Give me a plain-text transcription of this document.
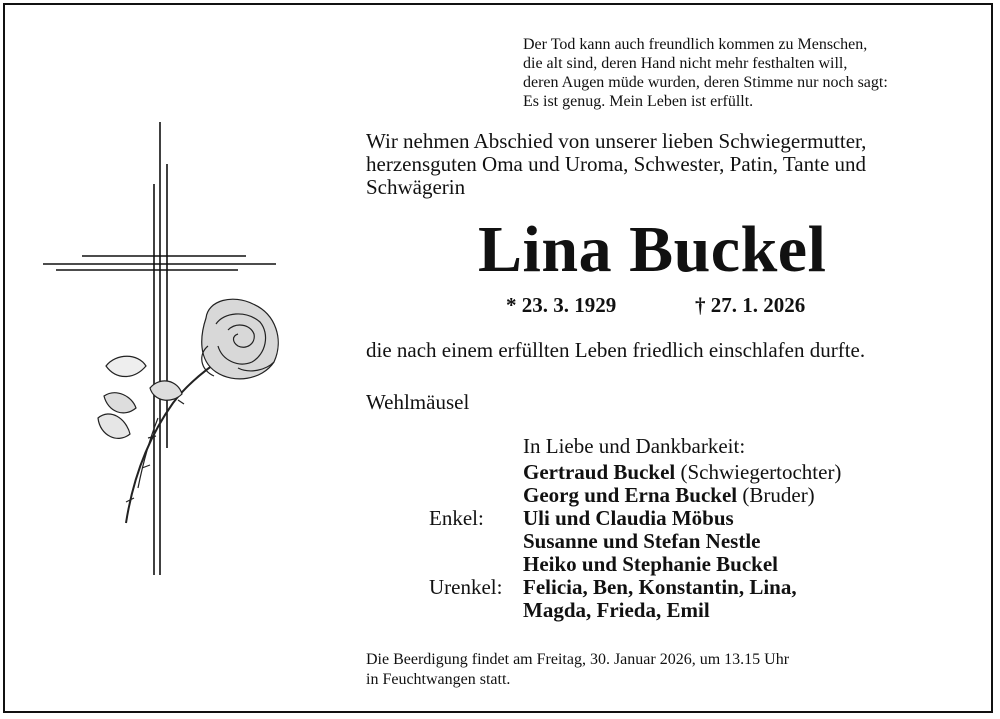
Der Tod kann auch freundlich kommen zu Menschen,
die alt sind, deren Hand nicht mehr festhalten will,
deren Augen müde wurden, deren Stimme nur noch sagt:
Es ist genug. Mein Leben ist erfüllt.
Wir nehmen Abschied von unserer lieben Schwiegermutter,
herzensguten Oma und Uroma, Schwester, Patin, Tante und
Schwägerin
Lina Buckel
* 23. 3. 1929	† 27. 1. 2026
die nach einem erfüllten Leben friedlich einschlafen durfte.
Wehlmäusel
In Liebe und Dankbarkeit:
Gertraud Buckel (Schwiegertochter)
Georg und Erna Buckel (Bruder)
Enkel: Uli und Claudia Möbus
Susanne und Stefan Nestle
Heiko und Stephanie Buckel
Urenkel: Felicia, Ben, Konstantin, Lina,
Magda, Frieda, Emil
Die Beerdigung findet am Freitag, 30. Januar 2026, um 13.15 Uhr
in Feuchtwangen statt.
